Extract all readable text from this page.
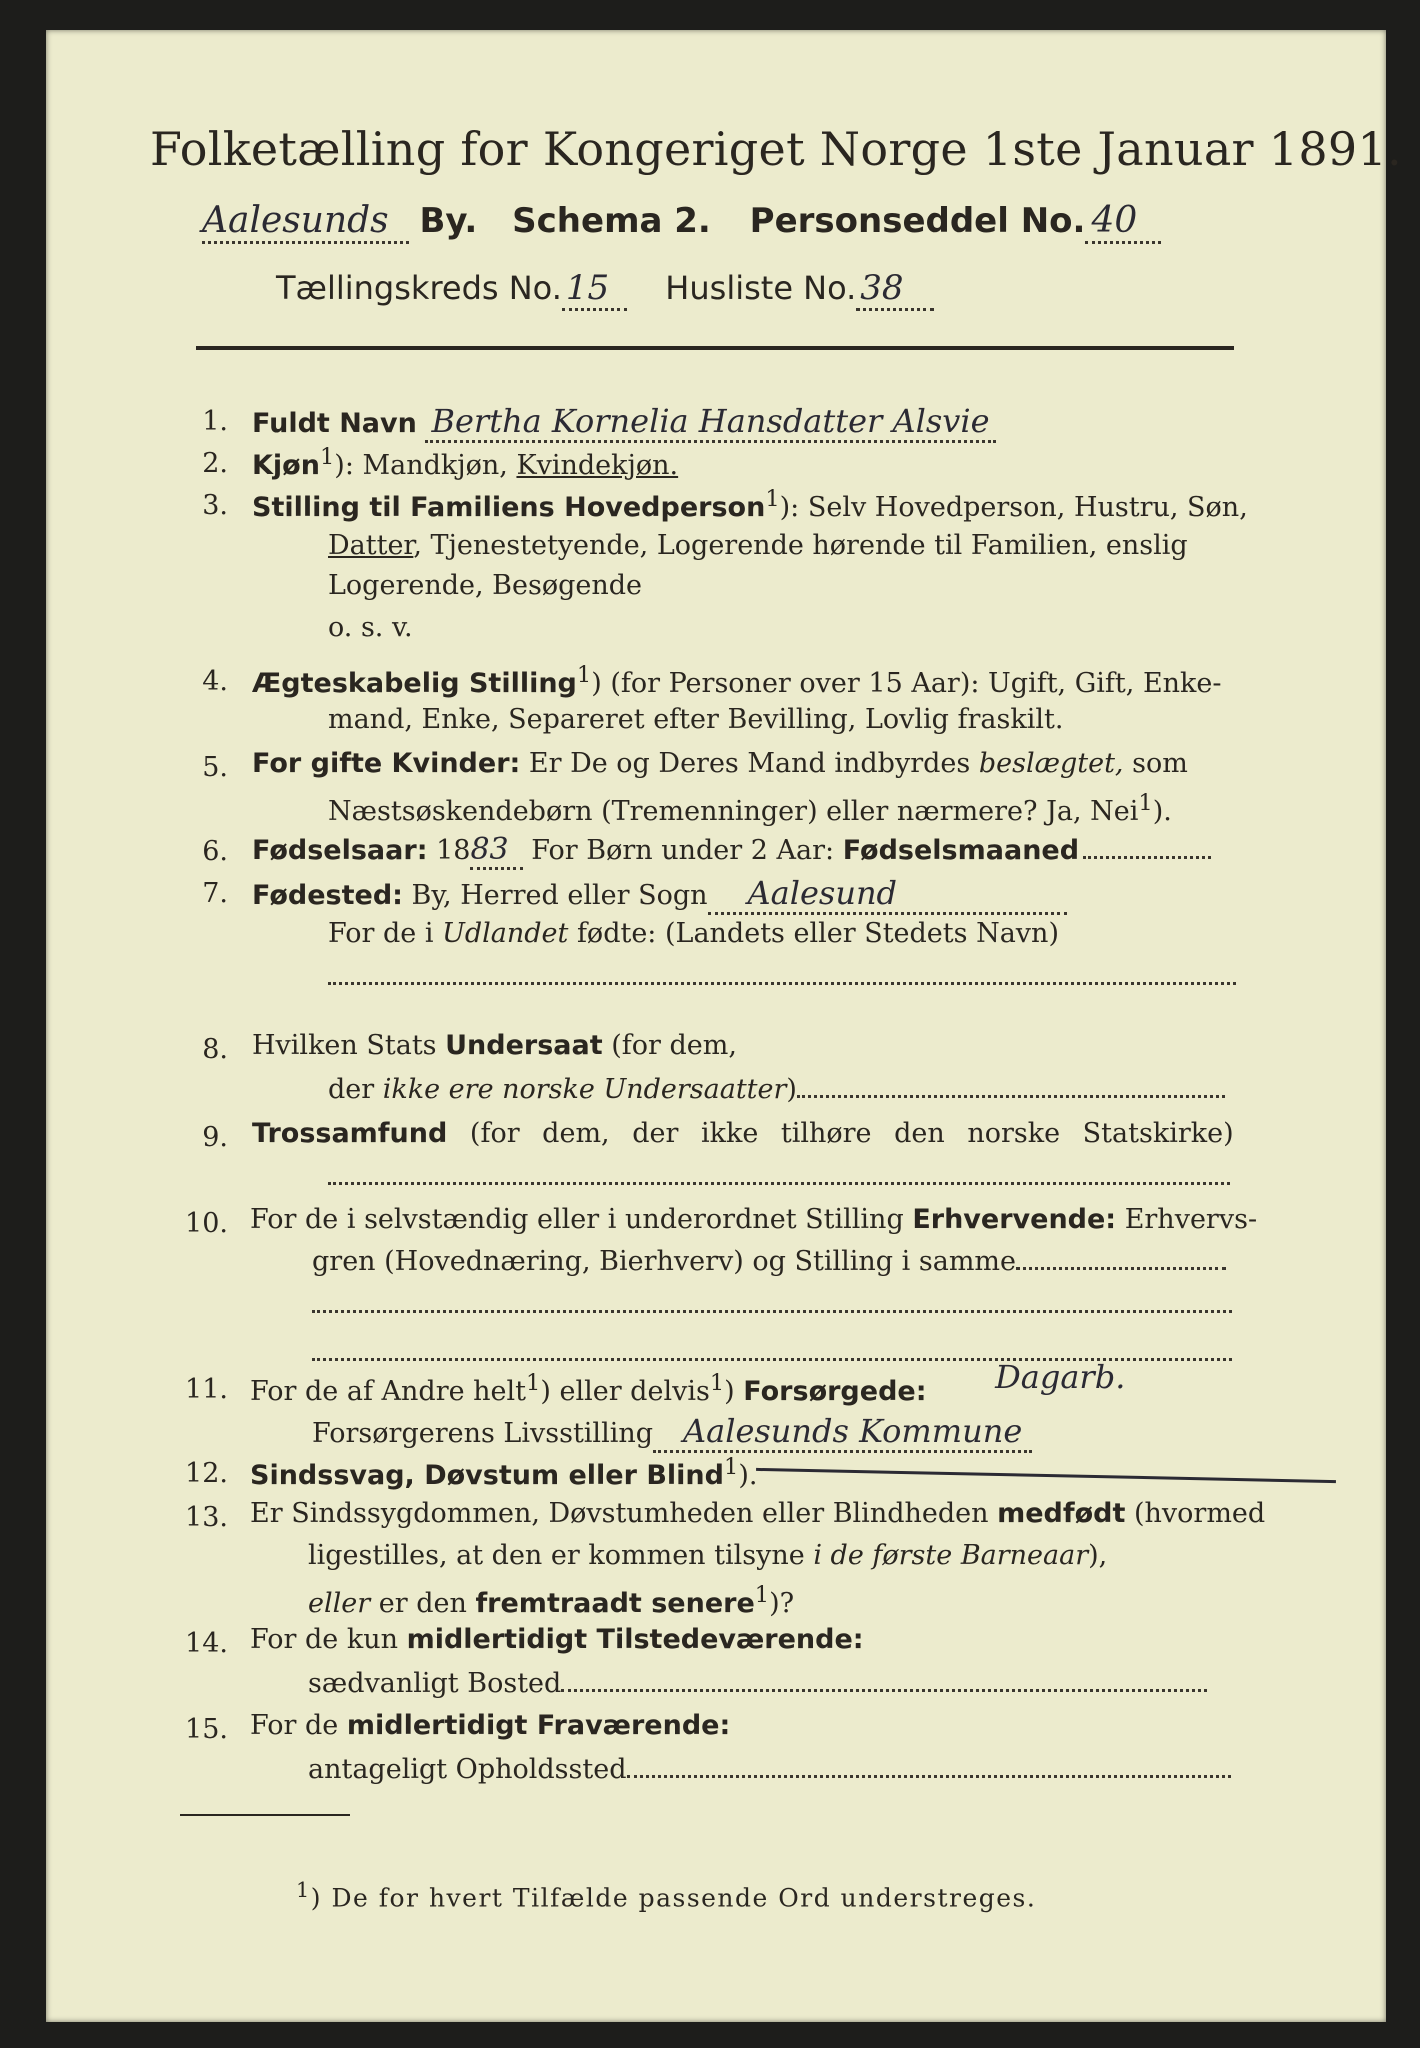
Folketælling for Kongeriget Norge 1ste Januar 1891.
Aalesunds By. Schema 2. Personseddel No. 40
Tællingskreds No. 15 Husliste No. 38
1. Fuldt Navn Bertha Kornelia Hansdatter Alsvie
2. Kjøn$^1$): Mandkjøn, Kvindekjøn.
3. Stilling til Familiens Hovedperson$^1$): Selv Hovedperson, Hustru, Søn,
Datter, Tjenestetyende, Logerende hørende til Familien, enslig
Logerende, Besøgende
o. s. v.
4. Ægteskabelig Stilling$^1$) (for Personer over 15 Aar): Ugift, Gift, Enke-
mand, Enke, Separeret efter Bevilling, Lovlig fraskilt.
5. For gifte Kvinder: Er De og Deres Mand indbyrdes beslægtet, som
Næstsøskendebørn (Tremenninger) eller nærmere? Ja, Nei$^1$).
6. Fødselsaar: 1883 For Børn under 2 Aar: Fødselsmaaned
7. Fødested: By, Herred eller Sogn Aalesund
For de i Udlandet fødte: (Landets eller Stedets Navn)
8. Hvilken Stats Undersaat (for dem,
der ikke ere norske Undersaatter)
9. Trossamfund (for dem, der ikke tilhøre den norske Statskirke)
10. For de i selvstændig eller i underordnet Stilling Erhvervende: Erhvervs-
gren (Hovednæring, Bierhverv) og Stilling i samme
11. For de af Andre helt$^1$) eller delvis$^1$) Forsørgede: Dagarb.
Forsørgerens Livsstilling Aalesunds Kommune
12. Sindssvag, Døvstum eller Blind$^1$).
13. Er Sindssygdommen, Døvstumheden eller Blindheden medfødt (hvormed
ligestilles, at den er kommen tilsyne i de første Barneaar),
eller er den fremtraadt senere$^1$)?
14. For de kun midlertidigt Tilstedeværende:
sædvanligt Bosted
15. For de midlertidigt Fraværende:
antageligt Opholdssted
$^1$) De for hvert Tilfælde passende Ord understreges.
